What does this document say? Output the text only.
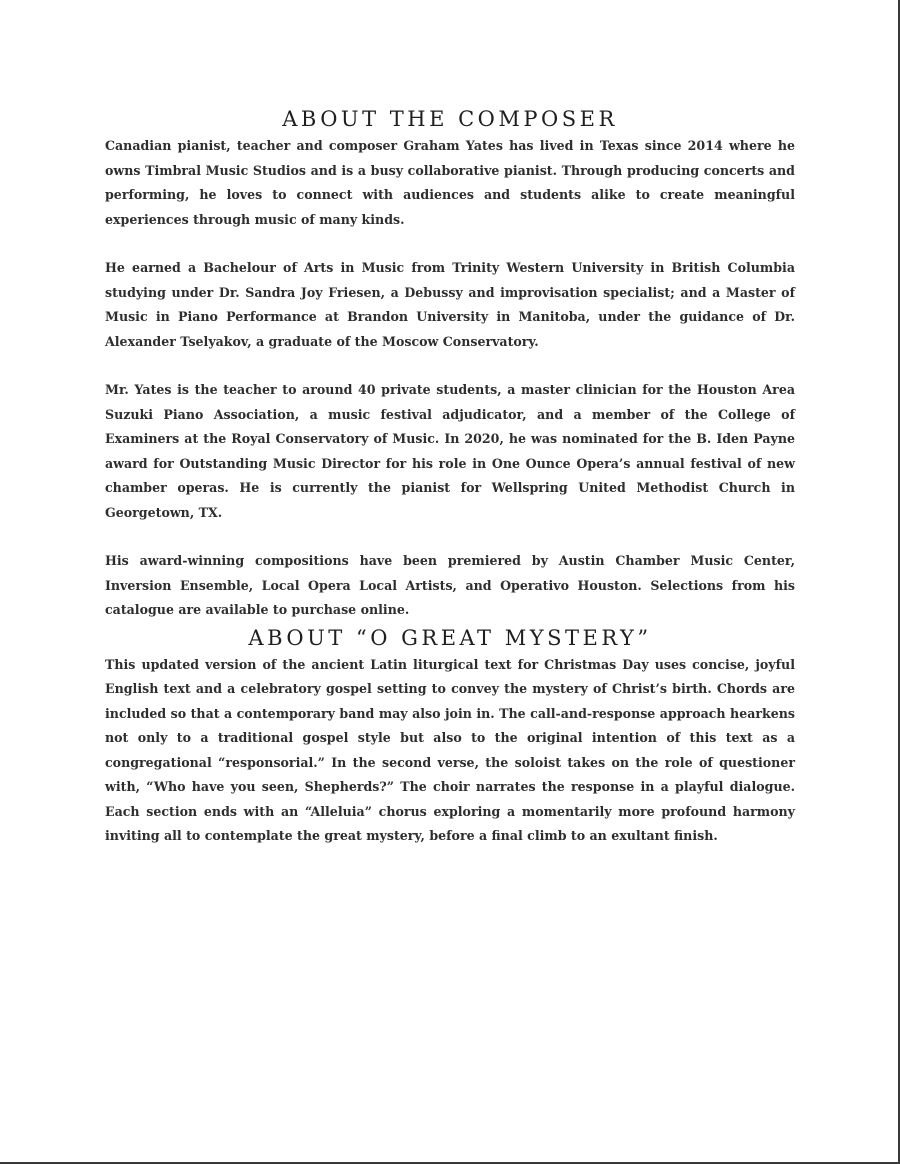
ABOUT THE COMPOSER

Canadian pianist, teacher and composer Graham Yates has lived in Texas since 2014 where he owns Timbral Music Studios and is a busy collaborative pianist. Through producing concerts and performing, he loves to connect with audiences and students alike to create meaningful experiences through music of many kinds.

He earned a Bachelour of Arts in Music from Trinity Western University in British Columbia studying under Dr. Sandra Joy Friesen, a Debussy and improvisation specialist; and a Master of Music in Piano Performance at Brandon University in Manitoba, under the guidance of Dr. Alexander Tselyakov, a graduate of the Moscow Conservatory.

Mr. Yates is the teacher to around 40 private students, a master clinician for the Houston Area Suzuki Piano Association, a music festival adjudicator, and a member of the College of Examiners at the Royal Conservatory of Music. In 2020, he was nominated for the B. Iden Payne award for Outstanding Music Director for his role in One Ounce Opera’s annual festival of new chamber operas. He is currently the pianist for Wellspring United Methodist Church in Georgetown, TX.

His award-winning compositions have been premiered by Austin Chamber Music Center, Inversion Ensemble, Local Opera Local Artists, and Operativo Houston. Selections from his catalogue are available to purchase online.

ABOUT “O GREAT MYSTERY”

This updated version of the ancient Latin liturgical text for Christmas Day uses concise, joyful English text and a celebratory gospel setting to convey the mystery of Christ’s birth. Chords are included so that a contemporary band may also join in. The call-and-response approach hearkens not only to a traditional gospel style but also to the original intention of this text as a congregational “responsorial.” In the second verse, the soloist takes on the role of questioner with, “Who have you seen, Shepherds?” The choir narrates the response in a playful dialogue. Each section ends with an “Alleluia” chorus exploring a momentarily more profound harmony inviting all to contemplate the great mystery, before a final climb to an exultant finish.
